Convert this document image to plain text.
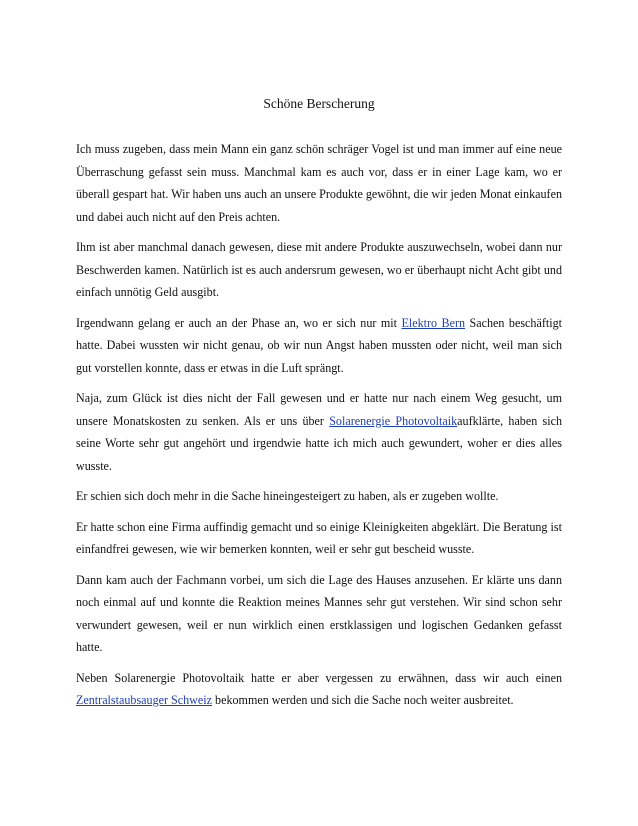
Schöne Berscherung

Ich muss zugeben, dass mein Mann ein ganz schön schräger Vogel ist und man immer auf eine neue Überraschung gefasst sein muss. Manchmal kam es auch vor, dass er in einer Lage kam, wo er überall gespart hat. Wir haben uns auch an unsere Produkte gewöhnt, die wir jeden Monat einkaufen und dabei auch nicht auf den Preis achten.

Ihm ist aber manchmal danach gewesen, diese mit andere Produkte auszuwechseln, wobei dann nur Beschwerden kamen. Natürlich ist es auch andersrum gewesen, wo er überhaupt nicht Acht gibt und einfach unnötig Geld ausgibt.

Irgendwann gelang er auch an der Phase an, wo er sich nur mit Elektro Bern Sachen beschäftigt hatte. Dabei wussten wir nicht genau, ob wir nun Angst haben mussten oder nicht, weil man sich gut vorstellen konnte, dass er etwas in die Luft sprängt.

Naja, zum Glück ist dies nicht der Fall gewesen und er hatte nur nach einem Weg gesucht, um unsere Monatskosten zu senken. Als er uns über Solarenergie Photovoltaikaufklärte, haben sich seine Worte sehr gut angehört und irgendwie hatte ich mich auch gewundert, woher er dies alles wusste.

Er schien sich doch mehr in die Sache hineingesteigert zu haben, als er zugeben wollte.

Er hatte schon eine Firma auffindig gemacht und so einige Kleinigkeiten abgeklärt. Die Beratung ist einfandfrei gewesen, wie wir bemerken konnten, weil er sehr gut bescheid wusste.

Dann kam auch der Fachmann vorbei, um sich die Lage des Hauses anzusehen. Er klärte uns dann noch einmal auf und konnte die Reaktion meines Mannes sehr gut verstehen. Wir sind schon sehr verwundert gewesen, weil er nun wirklich einen erstklassigen und logischen Gedanken gefasst hatte.

Neben Solarenergie Photovoltaik hatte er aber vergessen zu erwähnen, dass wir auch einen Zentralstaubsauger Schweiz bekommen werden und sich die Sache noch weiter ausbreitet.
